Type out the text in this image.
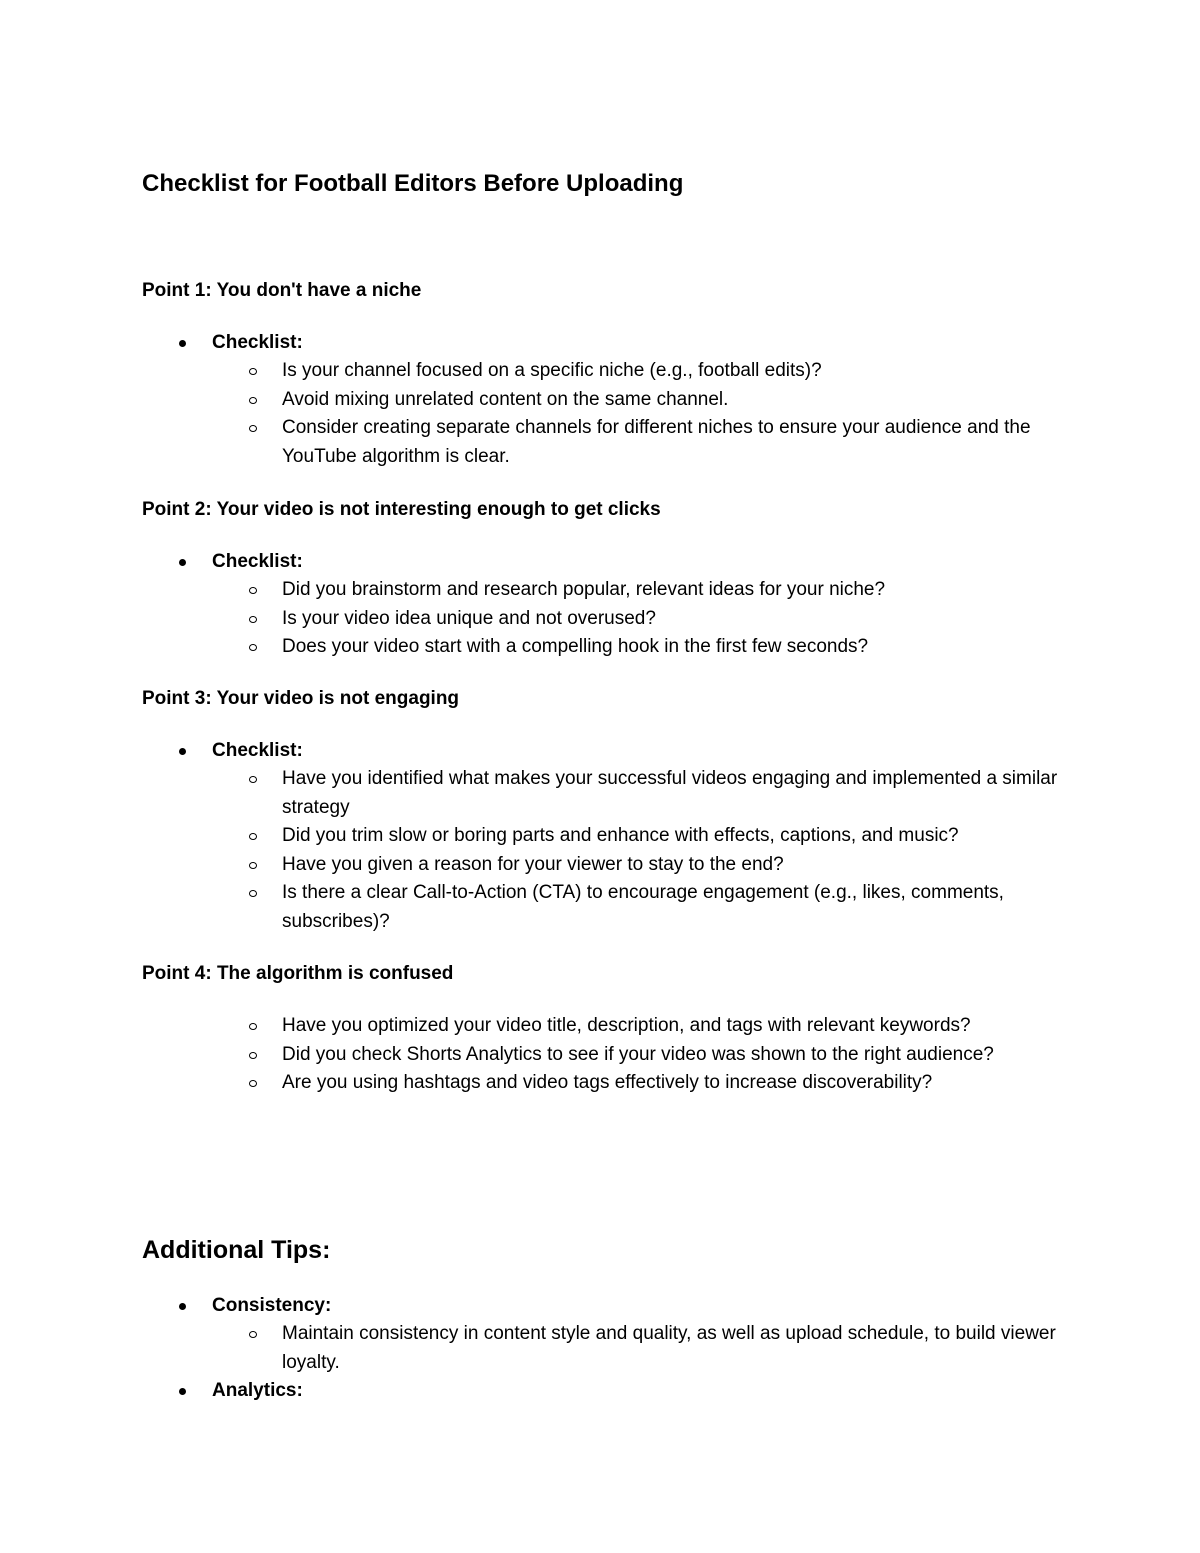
Checklist for Football Editors Before Uploading
Point 1: You don't have a niche
Checklist:
Is your channel focused on a specific niche (e.g., football edits)?
Avoid mixing unrelated content on the same channel.
Consider creating separate channels for different niches to ensure your audience and the YouTube algorithm is clear.
Point 2: Your video is not interesting enough to get clicks
Checklist:
Did you brainstorm and research popular, relevant ideas for your niche?
Is your video idea unique and not overused?
Does your video start with a compelling hook in the first few seconds?
Point 3: Your video is not engaging
Checklist:
Have you identified what makes your successful videos engaging and implemented a similar strategy
Did you trim slow or boring parts and enhance with effects, captions, and music?
Have you given a reason for your viewer to stay to the end?
Is there a clear Call-to-Action (CTA) to encourage engagement (e.g., likes, comments, subscribes)?
Point 4: The algorithm is confused
Have you optimized your video title, description, and tags with relevant keywords?
Did you check Shorts Analytics to see if your video was shown to the right audience?
Are you using hashtags and video tags effectively to increase discoverability?
Additional Tips:
Consistency:
Maintain consistency in content style and quality, as well as upload schedule, to build viewer loyalty.
Analytics:
